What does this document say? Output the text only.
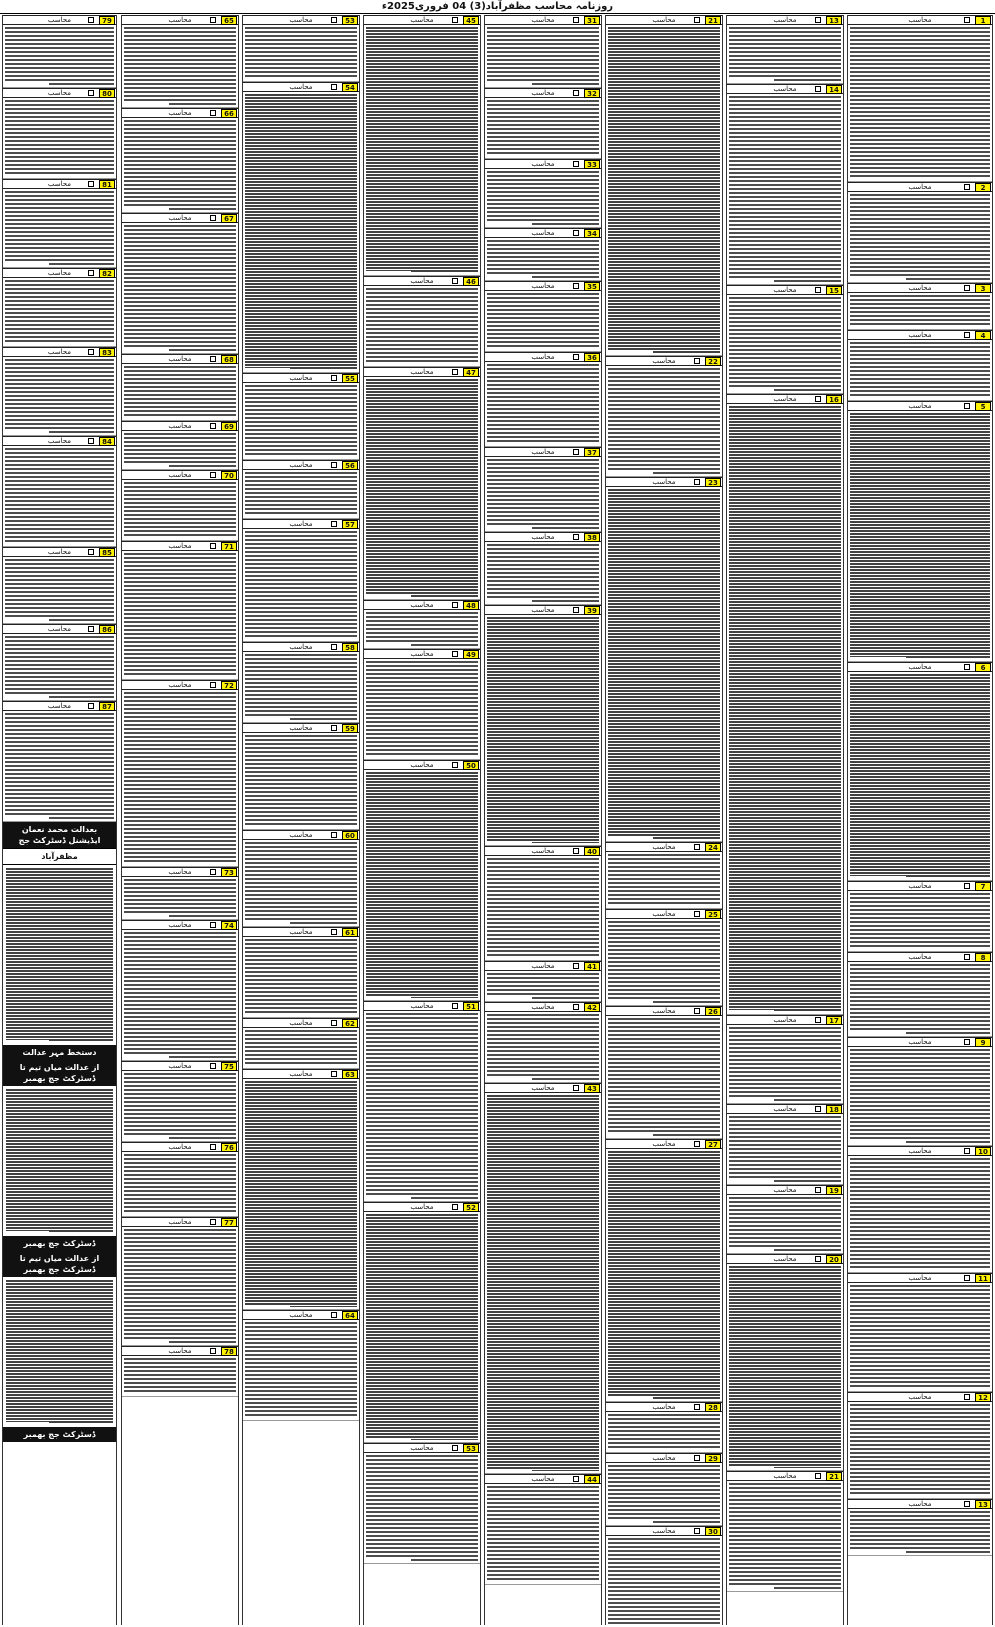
روزنامہ محاسب مظفرآباد(3) 04 فروری2025ء
محاسب	79
محاسب	80
محاسب	81
محاسب	82
محاسب	83
محاسب	84
محاسب	85
محاسب	86
محاسب	87
بعدالت محمد نعمان ایڈیشنل ڈسٹرکٹ جج
مظفرآباد
دستخط مہر عدالت
از عدالت میاں تیم تا ڈسٹرکٹ جج بھمبر
ڈسٹرکٹ جج بھمبر
از عدالت میاں تیم تا ڈسٹرکٹ جج بھمبر
ڈسٹرکٹ جج بھمبر
محاسب	65
محاسب	66
محاسب	67
محاسب	68
محاسب	69
محاسب	70
محاسب	71
محاسب	72
محاسب	73
محاسب	74
محاسب	75
محاسب	76
محاسب	77
محاسب	78
محاسب	53
محاسب	54
محاسب	55
محاسب	56
محاسب	57
محاسب	58
محاسب	59
محاسب	60
محاسب	61
محاسب	62
محاسب	63
محاسب	64
محاسب	45
محاسب	46
محاسب	47
محاسب	48
محاسب	49
محاسب	50
محاسب	51
محاسب	52
محاسب	53
محاسب	31
محاسب	32
محاسب	33
محاسب	34
محاسب	35
محاسب	36
محاسب	37
محاسب	38
محاسب	39
محاسب	40
محاسب	41
محاسب	42
محاسب	43
محاسب	44
محاسب	21
محاسب	22
محاسب	23
محاسب	24
محاسب	25
محاسب	26
محاسب	27
محاسب	28
محاسب	29
محاسب	30
محاسب	13
محاسب	14
محاسب	15
محاسب	16
محاسب	17
محاسب	18
محاسب	19
محاسب	20
محاسب	21
محاسب	1
محاسب	2
محاسب	3
محاسب	4
محاسب	5
محاسب	6
محاسب	7
محاسب	8
محاسب	9
محاسب	10
محاسب	11
محاسب	12
محاسب	13
